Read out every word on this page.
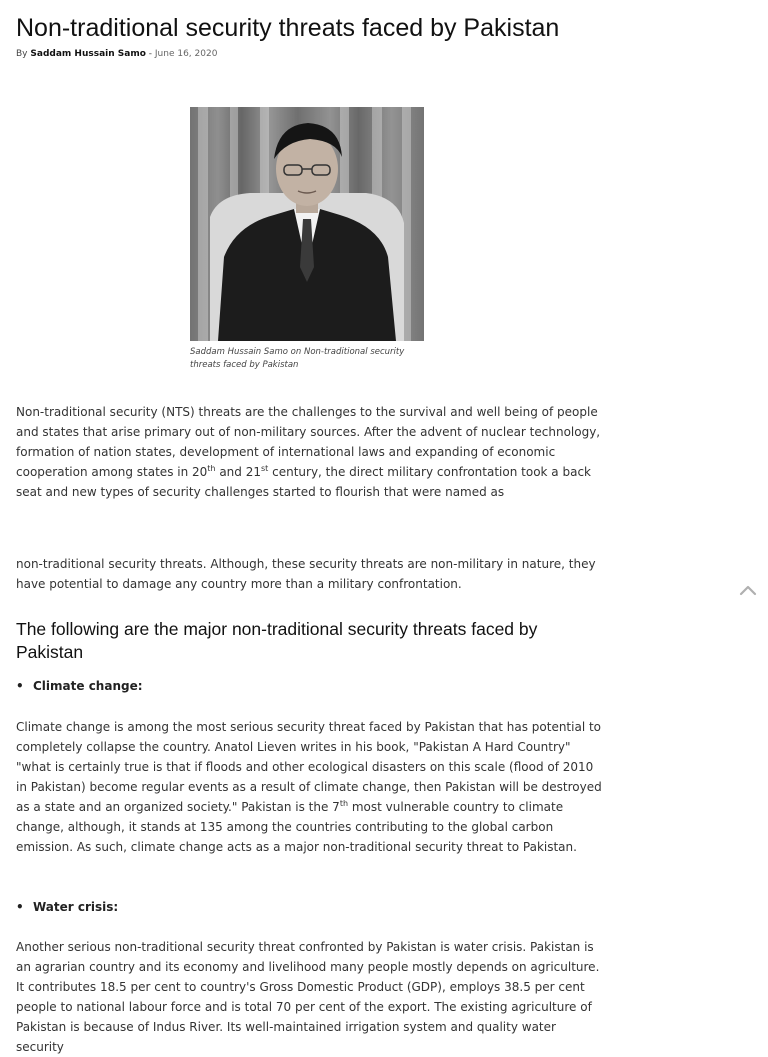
Non-traditional security threats faced by Pakistan
By Saddam Hussain Samo - June 16, 2020
Saddam Hussain Samo on Non-traditional security threats faced by Pakistan

Non-traditional security (NTS) threats are the challenges to the survival and well being of people and states that arise primary out of non-military sources. After the advent of nuclear technology, formation of nation states, development of international laws and expanding of economic cooperation among states in 20th and 21st century, the direct military confrontation took a back seat and new types of security challenges started to flourish that were named as

non-traditional security threats. Although, these security threats are non-military in nature, they have potential to damage any country more than a military confrontation.

The following are the major non-traditional security threats faced by Pakistan
• Climate change:

Climate change is among the most serious security threat faced by Pakistan that has potential to completely collapse the country. Anatol Lieven writes in his book, "Pakistan A Hard Country" "what is certainly true is that if floods and other ecological disasters on this scale (flood of 2010 in Pakistan) become regular events as a result of climate change, then Pakistan will be destroyed as a state and an organized society." Pakistan is the 7th most vulnerable country to climate change, although, it stands at 135 among the countries contributing to the global carbon emission. As such, climate change acts as a major non-traditional security threat to Pakistan.

• Water crisis:

Another serious non-traditional security threat confronted by Pakistan is water crisis. Pakistan is an agrarian country and its economy and livelihood many people mostly depends on agriculture. It contributes 18.5 per cent to country's Gross Domestic Product (GDP), employs 38.5 per cent people to national labour force and is total 70 per cent of the export. The existing agriculture of Pakistan is because of Indus River. Its well-maintained irrigation system and quality water security
